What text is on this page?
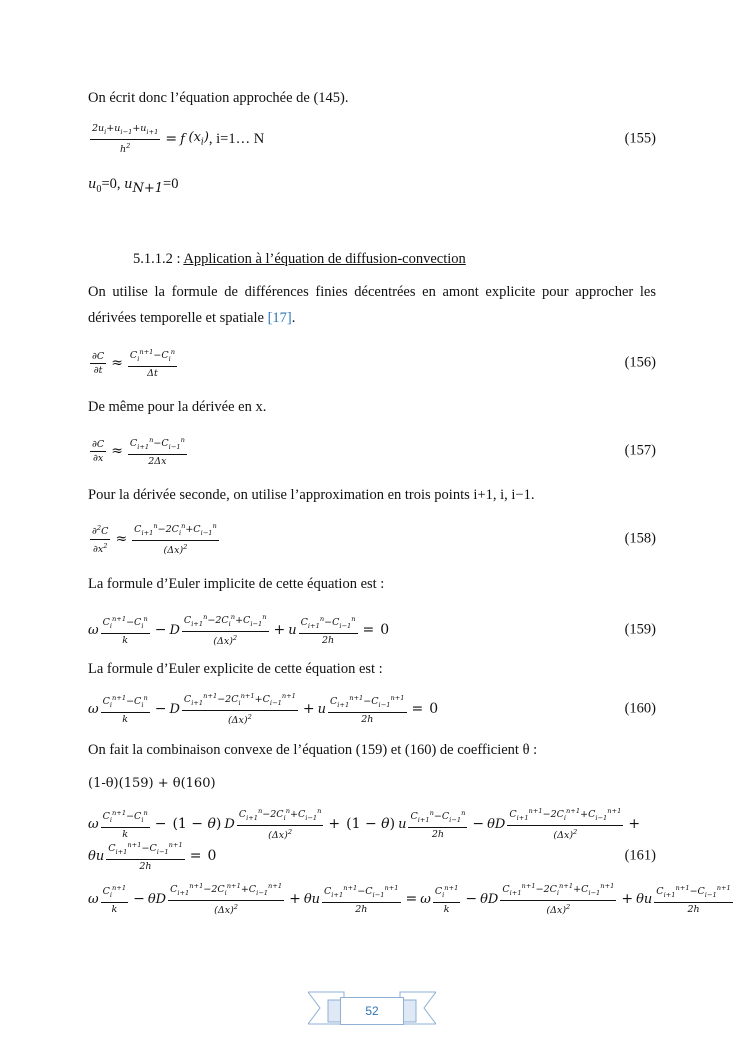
On écrit donc l’équation approchée de (145).
$\frac{2u_i+u_{i-1}+u_{i+1}}{h^2} = f$
$(x_i)$ , i=1… N	(155)
$u_0=0$, $u_{N+1}=0$
5.1.1.2 : Application à l’équation de diffusion-convection
On utilise la formule de différences finies décentrées en amont explicite pour approcher les dérivées temporelle et spatiale [17].
$\frac{\partial C}{\partial t} \approx \frac{C_i^{n+1}-C_i^n}{\Delta t}$	(156)
De même pour la dérivée en x.
$\frac{\partial C}{\partial x} \approx \frac{C_{i+1}^n-C_{i-1}^n}{2\Delta x}$	(157)
Pour la dérivée seconde, on utilise l’approximation en trois points i+1, i, i−1.
$\frac{\partial^2C}{\partial x^2} \approx \frac{C_{i+1}^n-2C_i^n+C_{i-1}^n}{(\Delta x)^2}$	(158)
La formule d’Euler implicite de cette équation est :
ω $\frac{C_i^{n+1}-C_i^n}{k} - D \frac{C_{i+1}^n-2C_i^n+C_{i-1}^n}{(\Delta x)^2} + u \frac{C_{i+1}^n-C_{i-1}^n}{2h} = 0$	(159)
La formule d’Euler explicite de cette équation est :
ω $\frac{C_i^{n+1}-C_i^n}{k} - D \frac{C_{i+1}^{n+1}-2C_i^{n+1}+C_{i-1}^{n+1}}{(\Delta x)^2} + u \frac{C_{i+1}^{n+1}-C_{i-1}^{n+1}}{2h} = 0$	(160)
On fait la combinaison convexe de l’équation (159) et (160) de coefficient θ :
(1-θ)(159) + θ(160)
ω $\frac{C_i^{n+1}-C_i^n}{k} - (1 - \theta)$ D $\frac{C_{i+1}^n-2C_i^n+C_{i-1}^n}{(\Delta x)^2} + (1 - \theta)$ u $\frac{C_{i+1}^n-C_{i-1}^n}{2h} - \theta D \frac{C_{i+1}^{n+1}-2C_i^{n+1}+C_{i-1}^{n+1}}{(\Delta x)^2}$ +
θu $\frac{C_{i+1}^{n+1}-C_{i-1}^{n+1}}{2h} = 0$	(161)
ω $\frac{C_i^{n+1}}{k} - \theta D \frac{C_{i+1}^{n+1}-2C_i^{n+1}+C_{i-1}^{n+1}}{(\Delta x)^2} + \theta u \frac{C_{i+1}^{n+1}-C_{i-1}^{n+1}}{2h} = \omega \frac{C_i^{n+1}}{k} - \theta D \frac{C_{i+1}^{n+1}-2C_i^{n+1}+C_{i-1}^{n+1}}{(\Delta x)^2} + \theta u \frac{C_{i+1}^{n+1}-C_{i-1}^{n+1}}{2h}$
52
